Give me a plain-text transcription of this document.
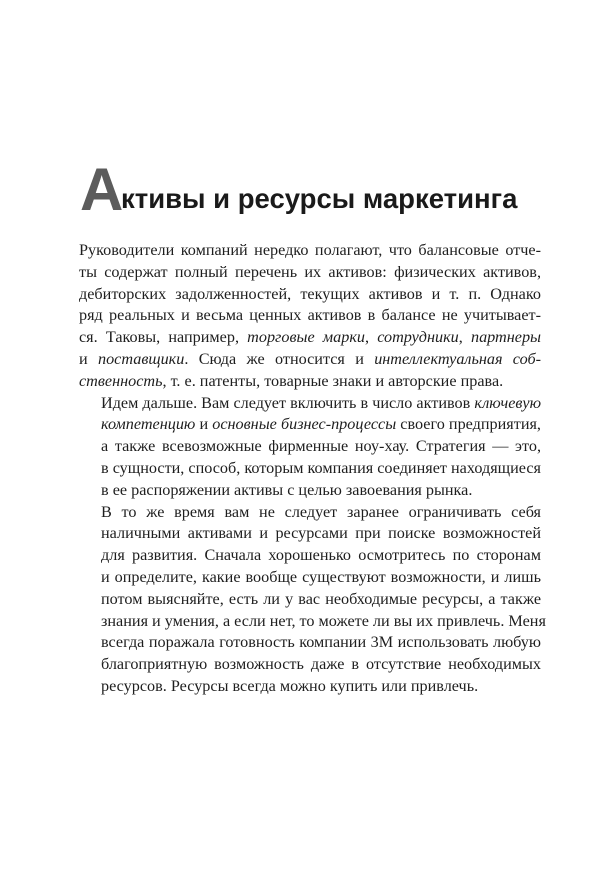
А
ктивы и ресурсы маркетинга

Руководители компаний нередко полагают, что балансовые отче-
ты содержат полный перечень их активов: физических активов,
дебиторских задолженностей, текущих активов и т. п. Однако
ряд реальных и весьма ценных активов в балансе не учитывает-
ся. Таковы, например, торговые марки, сотрудники, партнеры
и поставщики. Сюда же относится и интеллектуальная соб-
ственность, т. е. патенты, товарные знаки и авторские права.

Идем дальше. Вам следует включить в число активов ключевую
компетенцию и основные бизнес-процессы своего предприятия,
а также всевозможные фирменные ноу-хау. Стратегия — это,
в сущности, способ, которым компания соединяет находящиеся
в ее распоряжении активы с целью завоевания рынка.

В то же время вам не следует заранее ограничивать себя
наличными активами и ресурсами при поиске возможностей
для развития. Сначала хорошенько осмотритесь по сторонам
и определите, какие вообще существуют возможности, и лишь
потом выясняйте, есть ли у вас необходимые ресурсы, а также
знания и умения, а если нет, то можете ли вы их привлечь. Меня
всегда поражала готовность компании 3M использовать любую
благоприятную возможность даже в отсутствие необходимых
ресурсов. Ресурсы всегда можно купить или привлечь.
